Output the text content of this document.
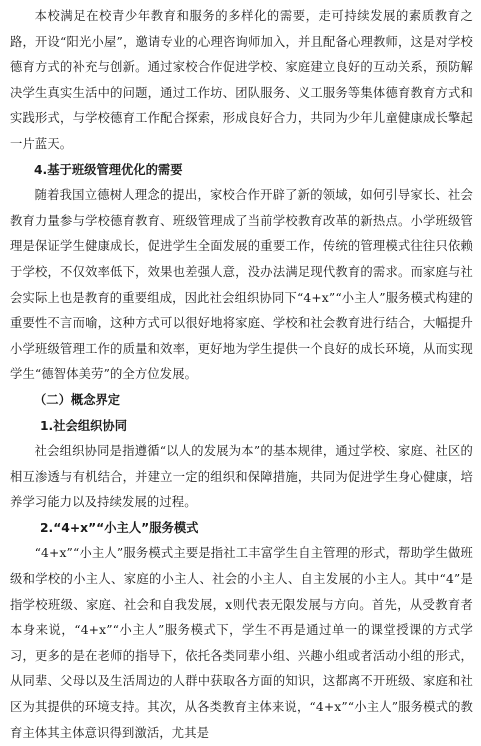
本校满足在校青少年教育和服务的多样化的需要，走可持续发展的素质教育之路，开设“阳光小屋”，邀请专业的心理咨询师加入，并且配备心理教师，这是对学校德育方式的补充与创新。通过家校合作促进学校、家庭建立良好的互动关系，预防解决学生真实生活中的问题，通过工作坊、团队服务、义工服务等集体德育教育方式和实践形式，与学校德育工作配合探索，形成良好合力，共同为少年儿童健康成长擎起一片蓝天。

4.基于班级管理优化的需要

随着我国立德树人理念的提出，家校合作开辟了新的领域，如何引导家长、社会教育力量参与学校德育教育、班级管理成了当前学校教育改革的新热点。小学班级管理是保证学生健康成长，促进学生全面发展的重要工作，传统的管理模式往往只依赖于学校，不仅效率低下，效果也差强人意，没办法满足现代教育的需求。而家庭与社会实际上也是教育的重要组成，因此社会组织协同下“4+x”“小主人”服务模式构建的重要性不言而喻，这种方式可以很好地将家庭、学校和社会教育进行结合，大幅提升小学班级管理工作的质量和效率，更好地为学生提供一个良好的成长环境，从而实现学生“德智体美劳”的全方位发展。

（二）概念界定

1.社会组织协同

社会组织协同是指遵循“以人的发展为本”的基本规律，通过学校、家庭、社区的相互渗透与有机结合，并建立一定的组织和保障措施，共同为促进学生身心健康，培养学习能力以及持续发展的过程。

2.“4+x”“小主人”服务模式

“4+x”“小主人”服务模式主要是指社工丰富学生自主管理的形式，帮助学生做班级和学校的小主人、家庭的小主人、社会的小主人、自主发展的小主人。其中“4”是指学校班级、家庭、社会和自我发展，x则代表无限发展与方向。首先，从受教育者本身来说，“4+x”“小主人”服务模式下，学生不再是通过单一的课堂授课的方式学习，更多的是在老师的指导下，依托各类同辈小组、兴趣小组或者活动小组的形式，从同辈、父母以及生活周边的人群中获取各方面的知识，这都离不开班级、家庭和社区为其提供的环境支持。其次，从各类教育主体来说，“4+x”“小主人”服务模式的教育主体其主体意识得到激活，尤其是
